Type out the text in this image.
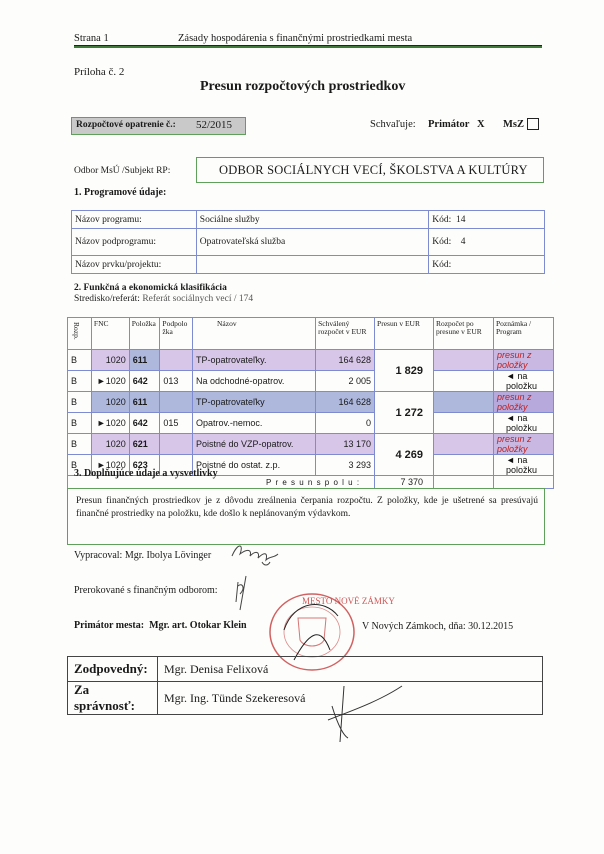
Strana 1	Zásady hospodárenia s finančnými prostriedkami mesta
Príloha č. 2
Presun rozpočtových prostriedkov
Rozpočtové opatrenie č.: 52/2015	Schvaľuje: Primátor X MsZ
Odbor MsÚ /Subjekt RP:	ODBOR SOCIÁLNYCH VECÍ, ŠKOLSTVA A KULTÚRY
1. Programové údaje:
Názov programu:	Sociálne služby	Kód: 14
Názov podprogramu:	Opatrovateľská služba	Kód: 4
Názov prvku/projektu:		Kód:
2. Funkčná a ekonomická klasifikácia
Stredisko/referát: Referát sociálnych vecí / 174
Rozp.	FNC	Položka	Podpolo žka	Názov	Schválený rozpočet v EUR	Presun v EUR	Rozpočet po presune v EUR	Poznámka / Program
B	1020	611		TP-opatrovateľky.	164 628	1 829		presun z položky
B	►1020	642	013	Na odchodné-opatrov.	2 005			◄ na položku
B	1020	611		TP-opatrovateľky	164 628	1 272		presun z položky
B	►1020	642	015	Opatrov.-nemoc.	0			◄ na položku
B	1020	621		Poistné do VZP-opatrov.	13 170	4 269		presun z položky
B	►1020	623		Poistné do ostat. z.p.	3 293			◄ na položku
P r e s u n s p o l u :						7 370		
3. Doplňujúce údaje a vysvetlivky
Presun finančných prostriedkov je z dôvodu zreálnenia čerpania rozpočtu. Z položky, kde je ušetrené sa presúvajú finančné prostriedky na položku, kde došlo k neplánovaným výdavkom.
Vypracoval: Mgr. Ibolya Lövinger
Prerokované s finančným odborom:
Primátor mesta: Mgr. art. Otokar Klein	V Nových Zámkoch, dňa: 30.12.2015
MESTO NOVÉ ZÁMKY
Zodpovedný:	Mgr. Denisa Felixová
Za správnosť:	Mgr. Ing. Tünde Szekeresová
